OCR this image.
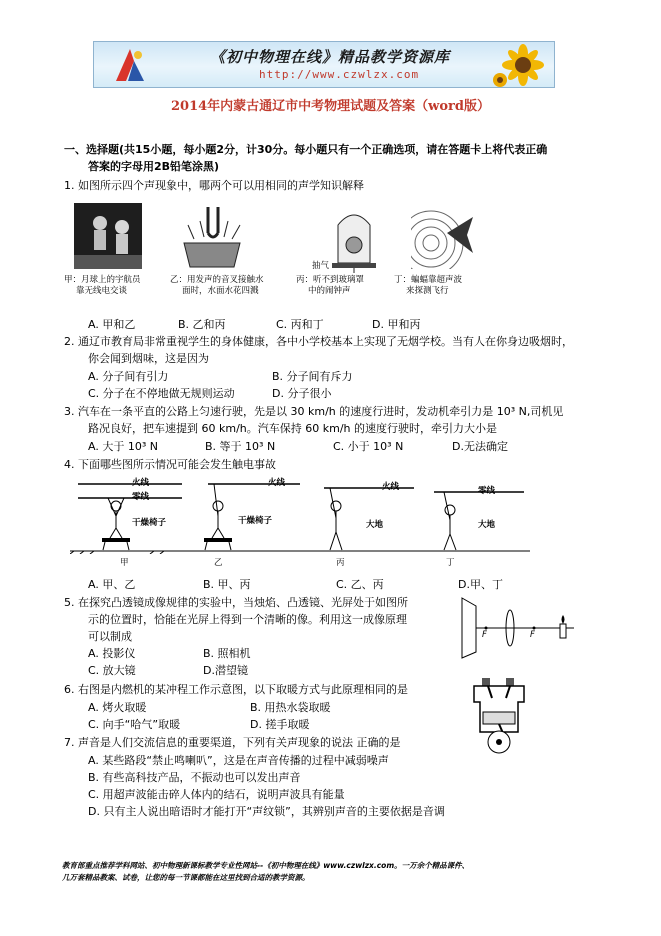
《初中物理在线》精品教学资源库
http://www.czwlzx.com
2014年内蒙古通辽市中考物理试题及答案（word版）
一、选择题(共15小题，每小题2分，计30分。每小题只有一个正确选项，请在答题卡上将代表正确
答案的字母用2B铅笔涂黑)
1. 如图所示四个声现象中，哪两个可以用相同的声学知识解释
抽气
甲：月球上的宇航员
靠无线电交谈
乙：用发声的音叉接触水
面时，水面水花四溅
丙：听不到玻璃罩
中的闹钟声
丁：蝙蝠靠超声波
来探测飞行
A. 甲和乙	B. 乙和丙	C. 丙和丁	D. 甲和丙
2. 通辽市教育局非常重视学生的身体健康，各中小学校基本上实现了无烟学校。当有人在你身边吸烟时，
你会闻到烟味，这是因为
A. 分子间有引力	B. 分子间有斥力
C. 分子在不停地做无规则运动	D. 分子很小
3. 汽车在一条平直的公路上匀速行驶，先是以 30 km/h 的速度行进时，发动机牵引力是 10³ N,司机见
路况良好，把车速提到 60 km/h。汽车保持 60 km/h 的速度行驶时，牵引力大小是
A. 大于 10³ N	B. 等于 10³ N	C. 小于 10³ N	D.无法确定
4. 下面哪些图所示情况可能会发生触电事故
火线
零线
干燥椅子
火线
干燥椅子
火线
大地
零线
大地
甲	乙	丙	丁
A. 甲、乙	B. 甲、丙	C. 乙、丙	D.甲、丁
5. 在探究凸透镜成像规律的实验中，当烛焰、凸透镜、光屏处于如图所
示的位置时，恰能在光屏上得到一个清晰的像。利用这一成像原理
可以制成	F	F
A. 投影仪	B. 照相机
C. 放大镜	D.潜望镜
6. 右图是内燃机的某冲程工作示意图，以下取暖方式与此原理相同的是
A. 烤火取暖	B. 用热水袋取暖
C. 向手“哈气”取暖	D. 搓手取暖
7. 声音是人们交流信息的重要渠道，下列有关声现象的说法 正确的是
A. 某些路段“禁止鸣喇叭”，这是在声音传播的过程中减弱噪声
B. 有些高科技产品，不振动也可以发出声音
C. 用超声波能击碎人体内的结石，说明声波具有能量
D. 只有主人说出暗语时才能打开“声纹锁”，其辨别声音的主要依据是音调
教育部重点推荐学科网站、初中物理新课标教学专业性网站--《初中物理在线》www.czwlzx.com。一万余个精品课件、
几万套精品教案、试卷，让您的每一节课都能在这里找到合适的教学资源。
